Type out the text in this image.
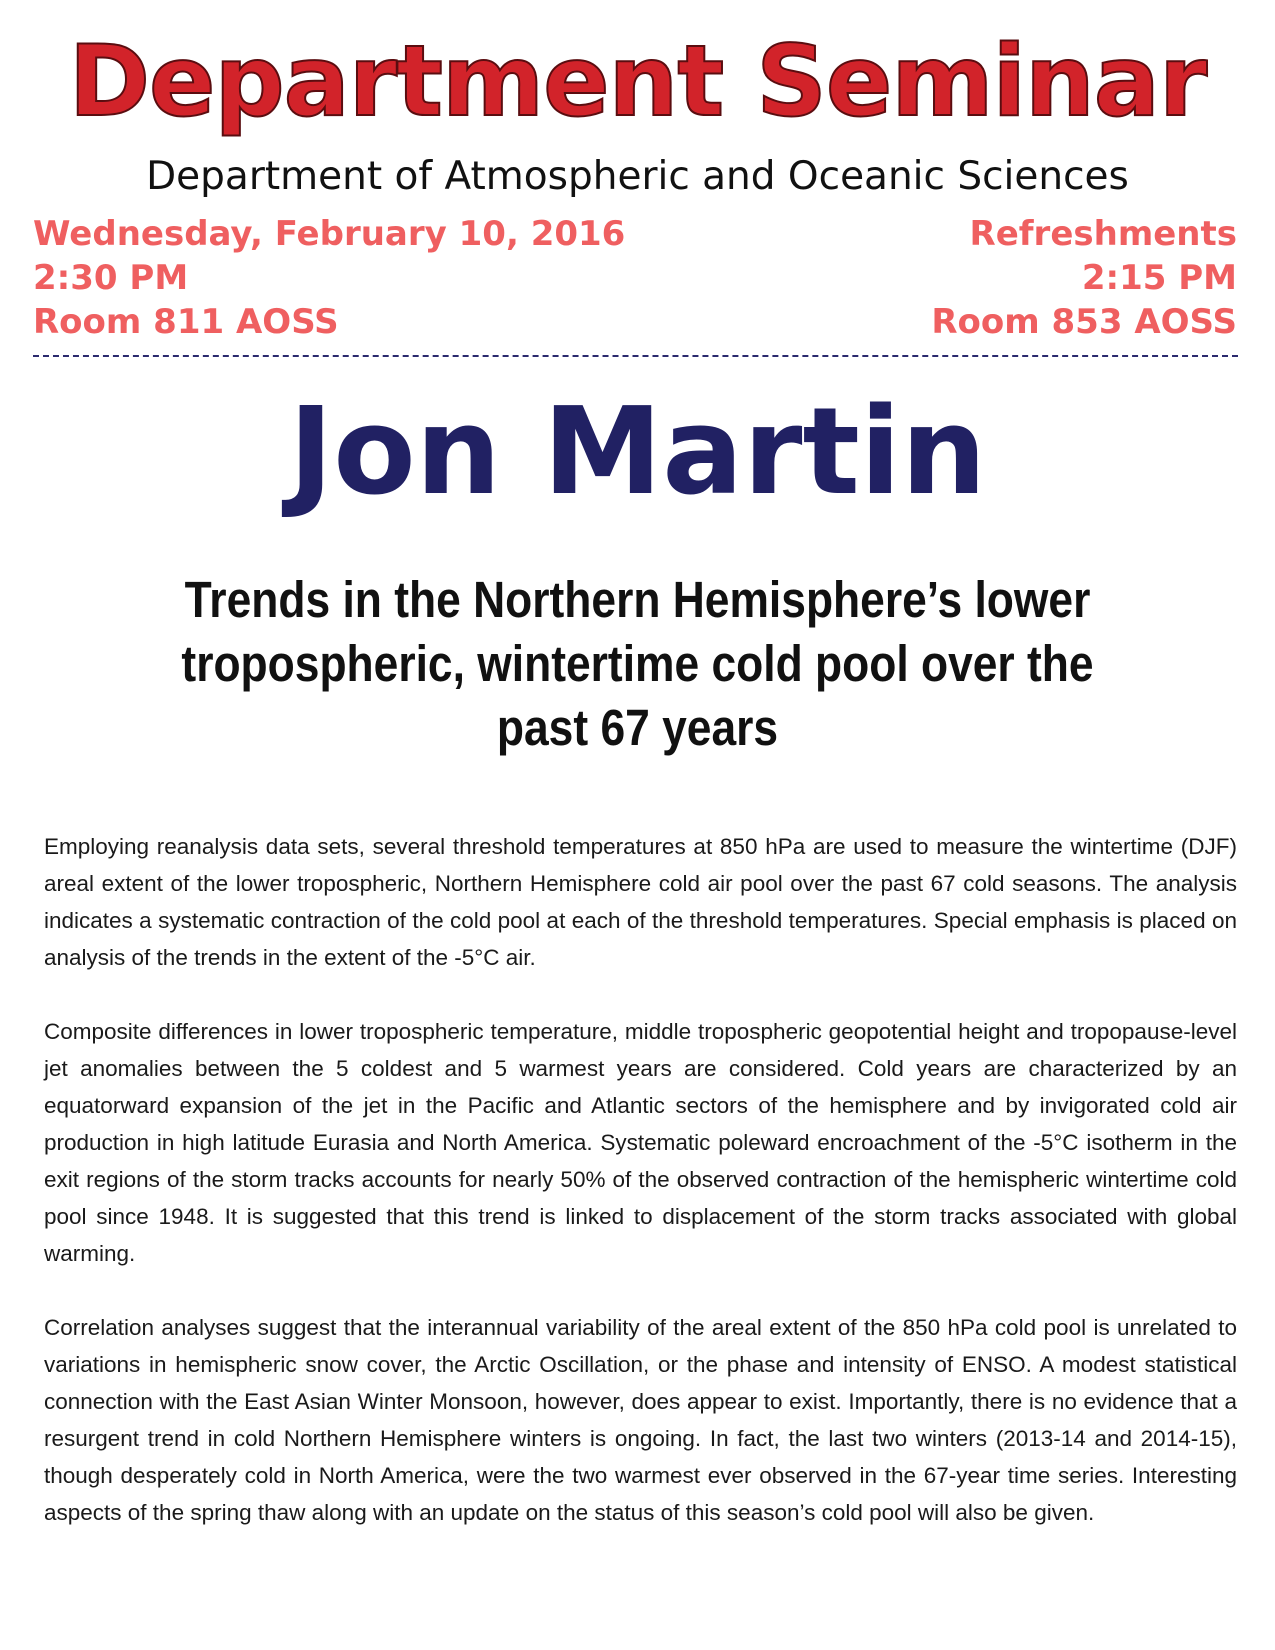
Department Seminar
Department of Atmospheric and Oceanic Sciences
Wednesday, February 10, 2016
2:30 PM
Room 811 AOSS
Refreshments
2:15 PM
Room 853 AOSS
Jon Martin
Trends in the Northern Hemisphere’s lower tropospheric, wintertime cold pool over the past 67 years

Employing reanalysis data sets, several threshold temperatures at 850 hPa are used to measure the wintertime (DJF) areal extent of the lower tropospheric, Northern Hemisphere cold air pool over the past 67 cold seasons. The analysis indicates a systematic contraction of the cold pool at each of the threshold temperatures. Special emphasis is placed on analysis of the trends in the extent of the -5°C air.

Composite differences in lower tropospheric temperature, middle tropospheric geopotential height and tropopause-level jet anomalies between the 5 coldest and 5 warmest years are considered. Cold years are characterized by an equatorward expansion of the jet in the Pacific and Atlantic sectors of the hemisphere and by invigorated cold air production in high latitude Eurasia and North America. Systematic poleward encroachment of the -5°C isotherm in the exit regions of the storm tracks accounts for nearly 50% of the observed contraction of the hemispheric wintertime cold pool since 1948. It is suggested that this trend is linked to displacement of the storm tracks associated with global warming.

Correlation analyses suggest that the interannual variability of the areal extent of the 850 hPa cold pool is unrelated to variations in hemispheric snow cover, the Arctic Oscillation, or the phase and intensity of ENSO. A modest statistical connection with the East Asian Winter Monsoon, however, does appear to exist. Importantly, there is no evidence that a resurgent trend in cold Northern Hemisphere winters is ongoing. In fact, the last two winters (2013-14 and 2014-15), though desperately cold in North America, were the two warmest ever observed in the 67-year time series. Interesting aspects of the spring thaw along with an update on the status of this season’s cold pool will also be given.
